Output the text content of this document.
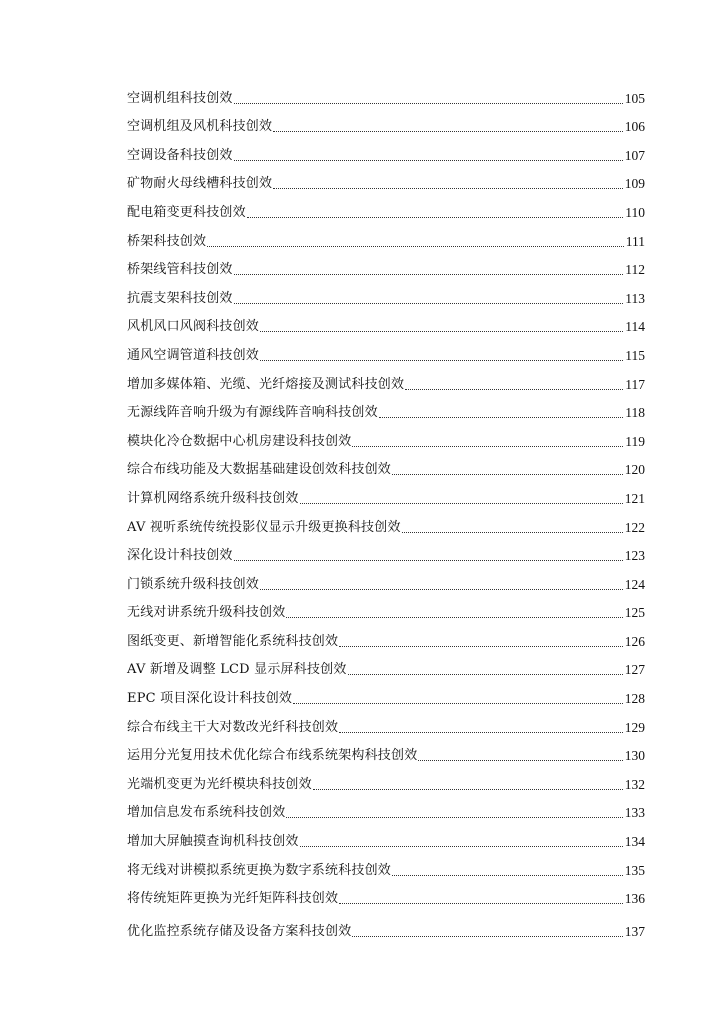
空调机组科技创效	105
空调机组及风机科技创效	106
空调设备科技创效	107
矿物耐火母线槽科技创效	109
配电箱变更科技创效	110
桥架科技创效	111
桥架线管科技创效	112
抗震支架科技创效	113
风机风口风阀科技创效	114
通风空调管道科技创效	115
增加多媒体箱、光缆、光纤熔接及测试科技创效	117
无源线阵音响升级为有源线阵音响科技创效	118
模块化冷仓数据中心机房建设科技创效	119
综合布线功能及大数据基础建设创效科技创效	120
计算机网络系统升级科技创效	121
AV 视听系统传统投影仪显示升级更换科技创效	122
深化设计科技创效	123
门锁系统升级科技创效	124
无线对讲系统升级科技创效	125
图纸变更、新增智能化系统科技创效	126
AV 新增及调整 LCD 显示屏科技创效	127
EPC 项目深化设计科技创效	128
综合布线主干大对数改光纤科技创效	129
运用分光复用技术优化综合布线系统架构科技创效	130
光端机变更为光纤模块科技创效	132
增加信息发布系统科技创效	133
增加大屏触摸查询机科技创效	134
将无线对讲模拟系统更换为数字系统科技创效	135
将传统矩阵更换为光纤矩阵科技创效	136
优化监控系统存储及设备方案科技创效	137
